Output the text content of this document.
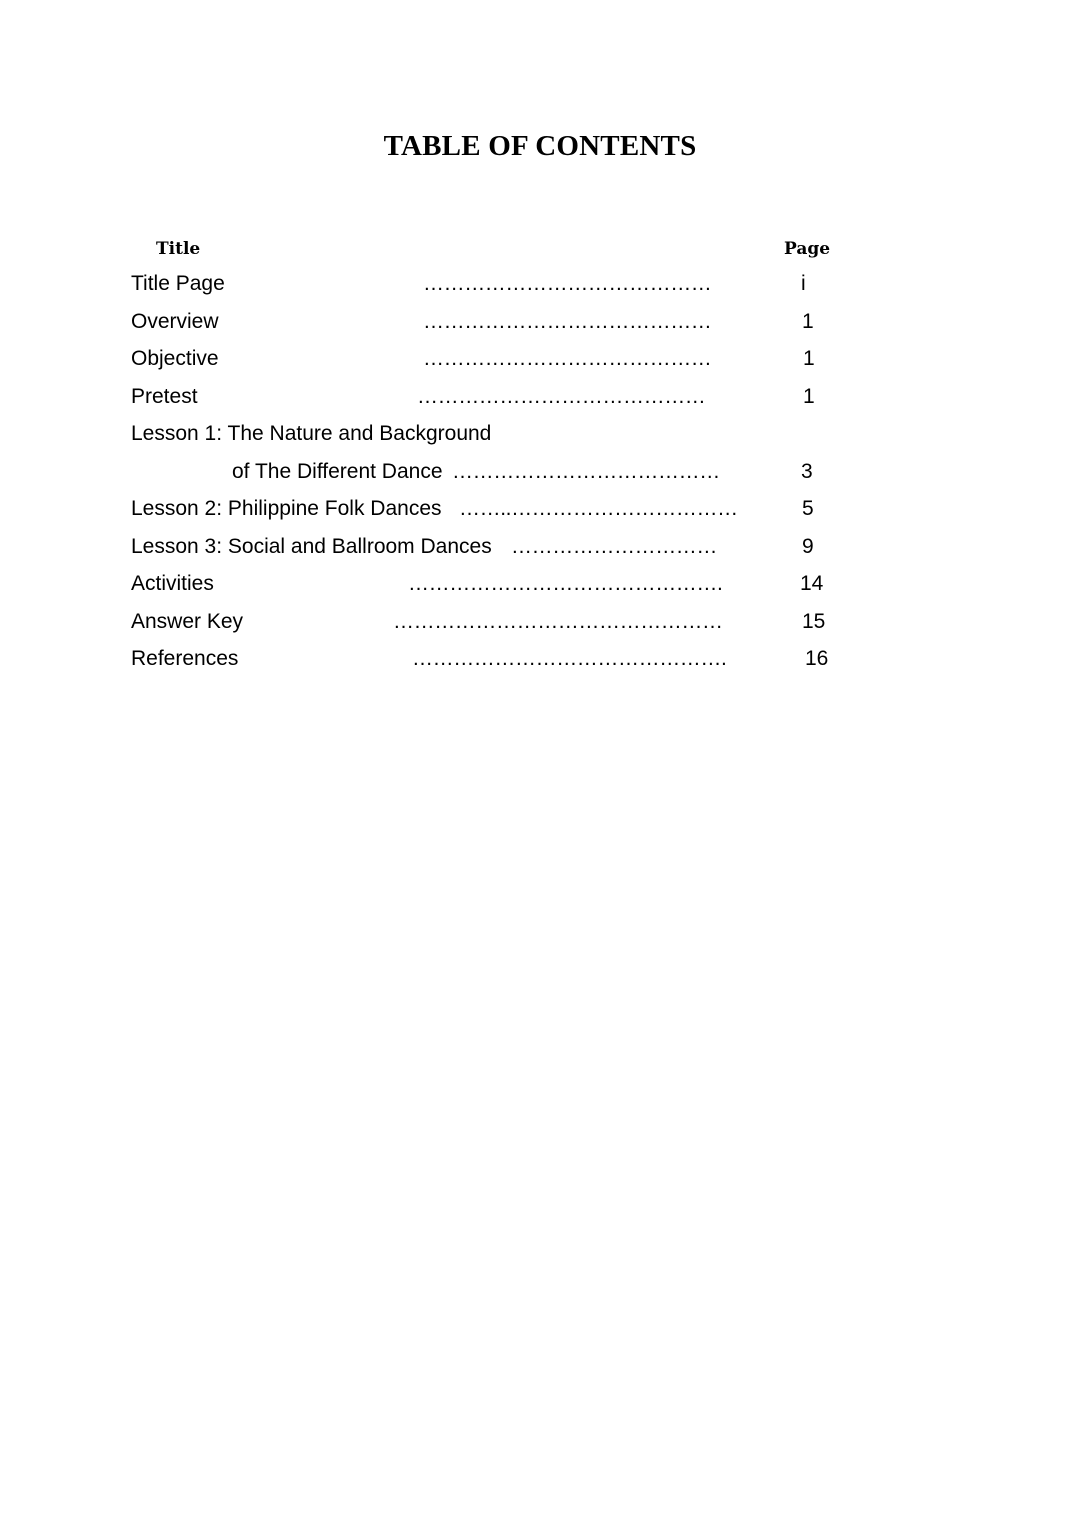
TABLE OF CONTENTS
Title	Page
Title Page	……………………………………	i
Overview	……………………………………	1
Objective	……………………………………	1
Pretest	……………………………………	1
Lesson 1: The Nature and Background
of The Different Dance …………………………………	3
Lesson 2: Philippine Folk Dances ……..……………………………	5
Lesson 3: Social and Ballroom Dances …………………………	9
Activities	……………………………………….	14
Answer Key	…………………………………………	15
References	……………………………………….	16
